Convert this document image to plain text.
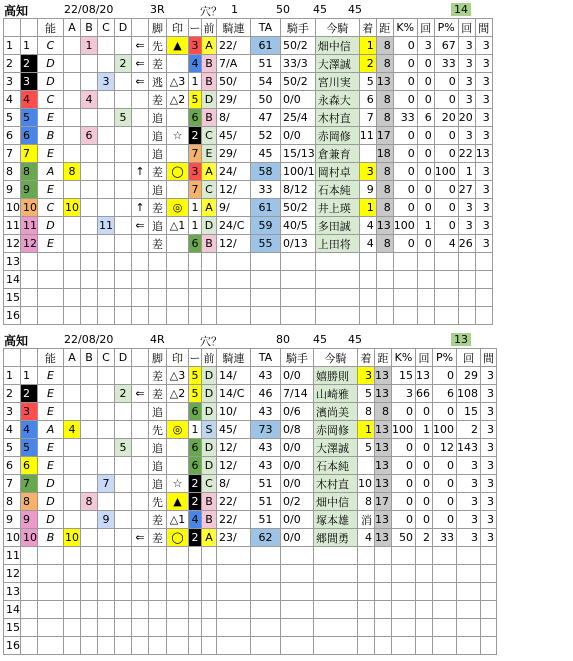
高知	22/08/20	3R	穴？ 1	50 45 45	14
		能	A	B	C	D		脚	印	ー	前	騎連	TA	騎手	今騎	着	距	K%	回	P%	回	間
1	1	C		1			⇐	先	▲	3	A	22/	61	50/2	畑中信	1	8	0	3	67	3	3
2	2	D				2	⇐	差		4	B	7/A	51	33/3	大澤誠	2	8	0	0	33	3	3
3	3	D			3		⇐	逃	△3	1	B	50/	54	50/2	宮川実	5	13	0	0	0	3	3
4	4	C		4				差	△2	5	D	29/	50	0/0	永森大	6	8	0	0	0	3	3
5	5	E				5		追		6	B	8/	47	25/4	木村直	7	8	33	6	20	20	3
6	6	B		6				追	☆	2	C	45/	52	0/0	赤岡修	11	17	0	0	0	3	3
7	7	E						追		7	E	29/	45	15/13	倉兼育		18	0	0	0	22	13
8	8	A	8				↑	差	◯	3	A	24/	58	100/1	岡村卓	3	8	0	0	100	1	3
9	9	E						追		7	C	12/	33	8/12	石本純	9	8	0	0	0	27	3
10	10	C	10				↑	差	◎	1	A	9/	61	50/2	井上瑛	1	8	0	0	0	3	3
11	11	D			11		⇐	追	△1	1	D	24/C	59	40/5	多田誠	4	13	100	1	0	3	3
12	12	E						差		6	B	12/	55	0/13	上田将	4	8	0	0	4	26	3
13																						
14																						
15																						
16																						
高知	22/08/20	4R	穴？	80 45 45	13
		能	A	B	C	D		脚	印	ー	前	騎連	TA	騎手	今騎	着	距	K%	回	P%	回	間
1	1	E						差	△3	5	D	14/	43	0/0	嬉勝則	3	13	15	13	0	29	3
2	2	E				2	⇐	差	△2	5	D	14/C	46	7/14	山崎雅	5	13	3	66	6	108	3
3	3	E						追		6	D	10/	43	0/6	濱尚美	8	8	0	0	0	15	3
4	4	A	4					先	◎	1	S	45/	73	0/8	赤岡修	1	13	100	1	100	2	3
5	5	E				5		追		6	D	12/	43	0/0	大澤誠	5	13	0	0	12	143	3
6	6	E						追		6	D	12/	43	0/0	石本純		13	0	0	0	3	3
7	7	D			7			追	☆	2	C	8/	51	0/0	木村直	10	13	0	0	0	3	3
8	8	D		8				先	▲	2	B	22/	51	0/2	畑中信	8	17	0	0	0	3	3
9	9	D			9			差	△1	4	B	22/	51	0/0	塚本雄	消	13	0	0	0	3	3
10	10	B	10				⇐	差	◯	2	A	23/	62	0/0	郷間勇	4	13	50	2	33	3	3
11																						
12																						
13																						
14																						
15																						
16																						
